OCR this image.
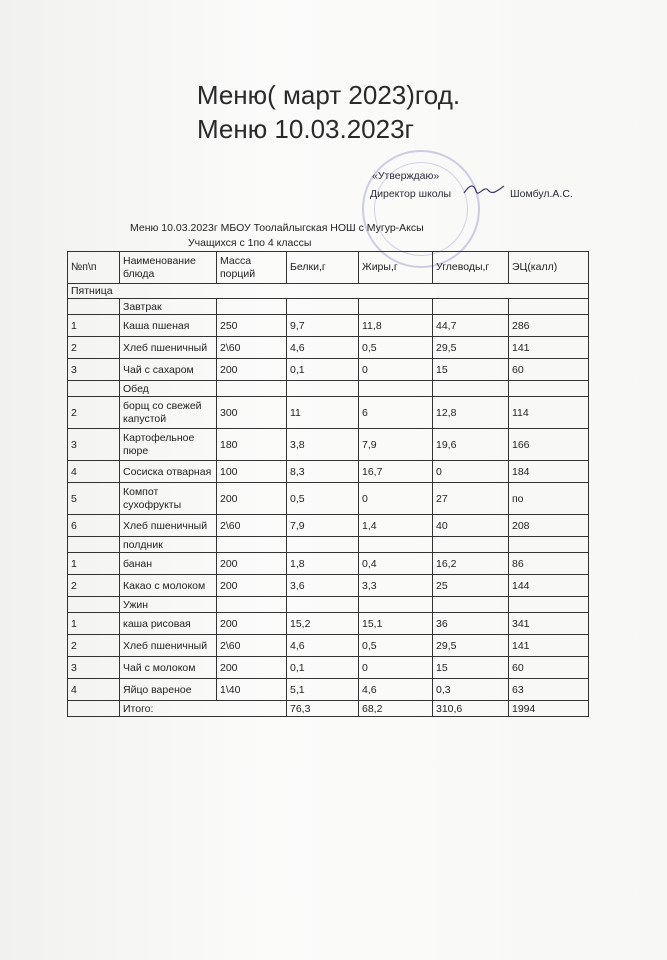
Меню( март 2023)год.
Меню 10.03.2023г
«Утверждаю»
Директор школы	Шомбул.А.С.
Меню 10.03.2023г МБОУ Тоолайлыгская НОШ с Мугур-Аксы
Учащихся с 1по 4 классы
№п\п	Наименование блюда	Масса порций	Белки,г	Жиры,г	Углеводы,г	ЭЦ(калл)
Пятница						
	Завтрак					
1	Каша пшеная	250	9,7	11,8	44,7	286
2	Хлеб пшеничный	2\60	4,6	0,5	29,5	141
3	Чай с сахаром	200	0,1	0	15	60
	Обед					
2	борщ со свежей капустой	300	11	6	12,8	114
3	Картофельное пюре	180	3,8	7,9	19,6	166
4	Сосиска отварная	100	8,3	16,7	0	184
5	Компот сухофрукты	200	0,5	0	27	по
6	Хлеб пшеничный	2\60	7,9	1,4	40	208
	полдник					
1	банан	200	1,8	0,4	16,2	86
2	Какао с молоком	200	3,6	3,3	25	144
	Ужин					
1	каша рисовая	200	15,2	15,1	36	341
2	Хлеб пшеничный	2\60	4,6	0,5	29,5	141
3	Чай с молоком	200	0,1	0	15	60
4	Яйцо вареное	1\40	5,1	4,6	0,3	63
	Итого:		76,3	68,2	310,6	1994
